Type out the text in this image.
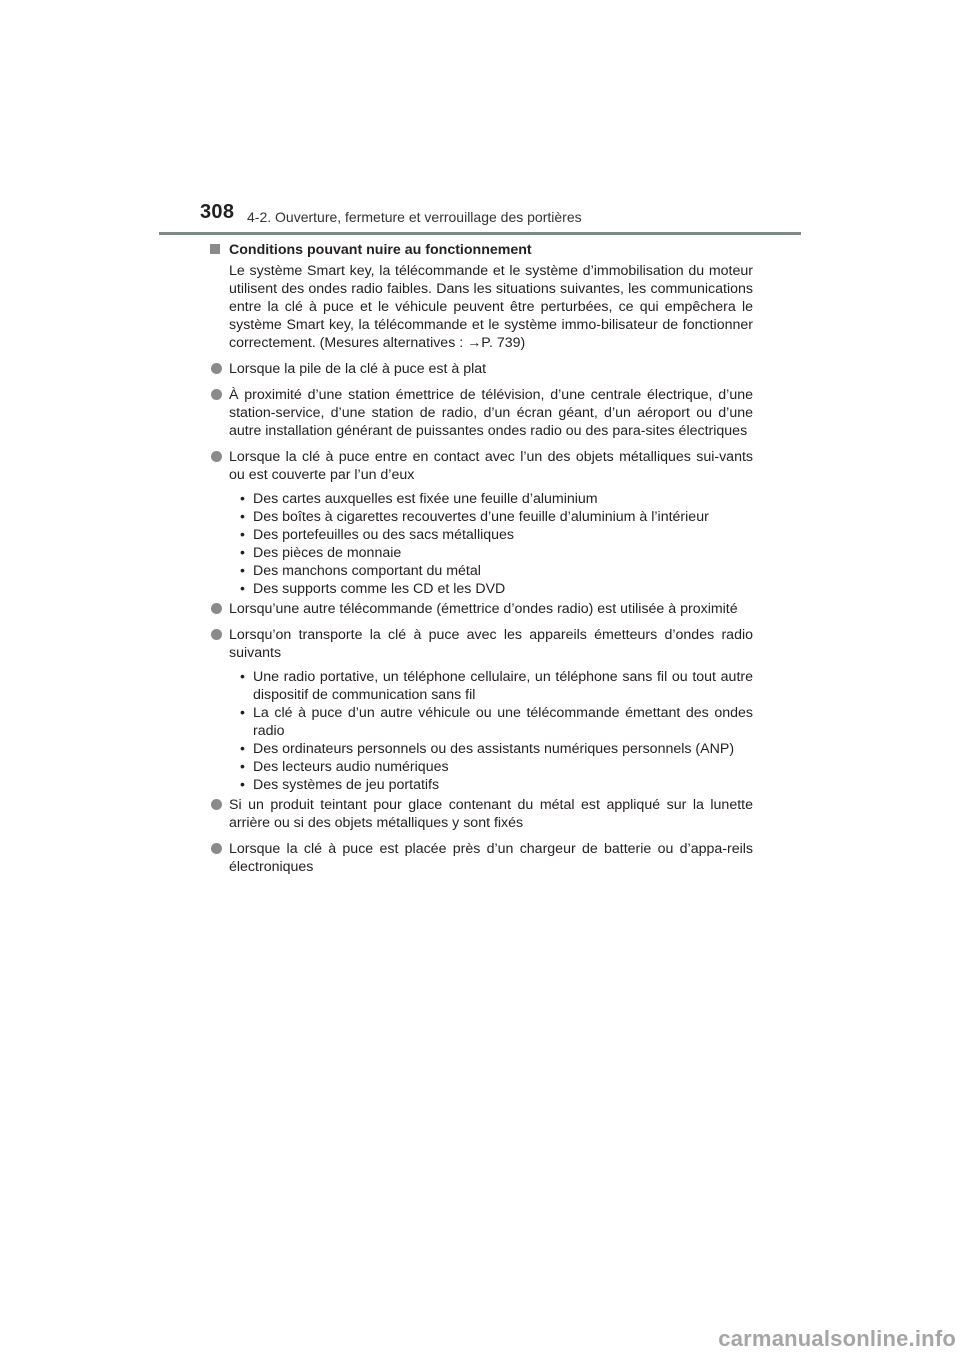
308 4-2. Ouverture, fermeture et verrouillage des portières
Conditions pouvant nuire au fonctionnement
Le système Smart key, la télécommande et le système d’immobilisation du moteur utilisent des ondes radio faibles. Dans les situations suivantes, les communications entre la clé à puce et le véhicule peuvent être perturbées, ce qui empêchera le système Smart key, la télécommande et le système immo-bilisateur de fonctionner correctement. (Mesures alternatives : →P. 739)
Lorsque la pile de la clé à puce est à plat
À proximité d’une station émettrice de télévision, d’une centrale électrique, d’une station-service, d’une station de radio, d’un écran géant, d’un aéroport ou d’une autre installation générant de puissantes ondes radio ou des para-sites électriques
Lorsque la clé à puce entre en contact avec l’un des objets métalliques sui-vants ou est couverte par l’un d’eux
• Des cartes auxquelles est fixée une feuille d’aluminium
• Des boîtes à cigarettes recouvertes d’une feuille d’aluminium à l’intérieur
• Des portefeuilles ou des sacs métalliques
• Des pièces de monnaie
• Des manchons comportant du métal
• Des supports comme les CD et les DVD
Lorsqu’une autre télécommande (émettrice d’ondes radio) est utilisée à proximité
Lorsqu’on transporte la clé à puce avec les appareils émetteurs d’ondes radio suivants
• Une radio portative, un téléphone cellulaire, un téléphone sans fil ou tout autre dispositif de communication sans fil
• La clé à puce d’un autre véhicule ou une télécommande émettant des ondes radio
• Des ordinateurs personnels ou des assistants numériques personnels (ANP)
• Des lecteurs audio numériques
• Des systèmes de jeu portatifs
Si un produit teintant pour glace contenant du métal est appliqué sur la lunette arrière ou si des objets métalliques y sont fixés
Lorsque la clé à puce est placée près d’un chargeur de batterie ou d’appa-reils électroniques
carmanualsonline.info
